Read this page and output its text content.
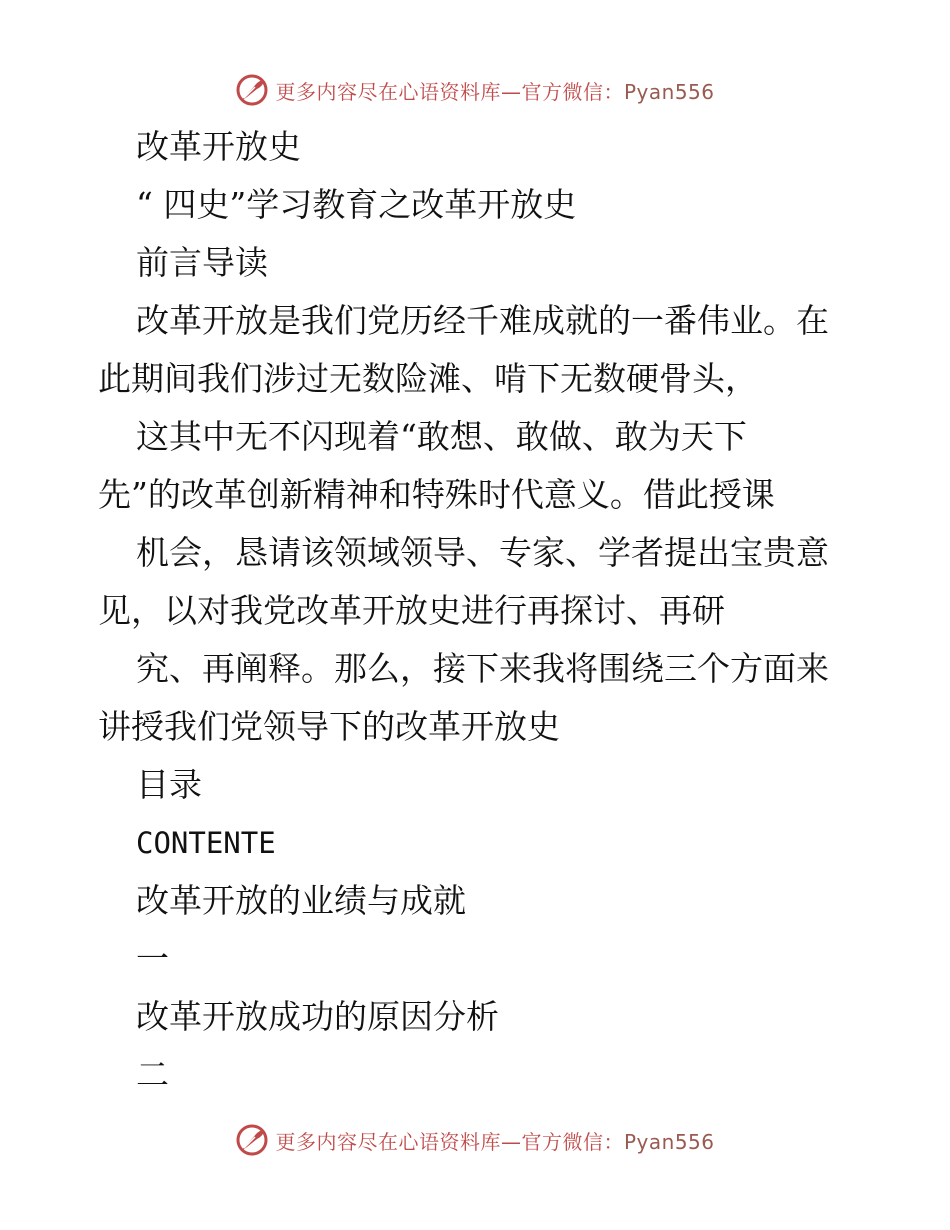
更多内容尽在心语资料库—官方微信：Pyan556
改革开放史
“ 四史”学习教育之改革开放史
前言导读
改革开放是我们党历经千难成就的一番伟业。在
此期间我们涉过无数险滩、啃下无数硬骨头，
这其中无不闪现着“敢想、敢做、敢为天下
先”的改革创新精神和特殊时代意义。借此授课
机会，恳请该领域领导、专家、学者提出宝贵意
见，以对我党改革开放史进行再探讨、再研
究、再阐释。那么，接下来我将围绕三个方面来
讲授我们党领导下的改革开放史
目录
CONTENTE
改革开放的业绩与成就
一
改革开放成功的原因分析
二
更多内容尽在心语资料库—官方微信：Pyan556
